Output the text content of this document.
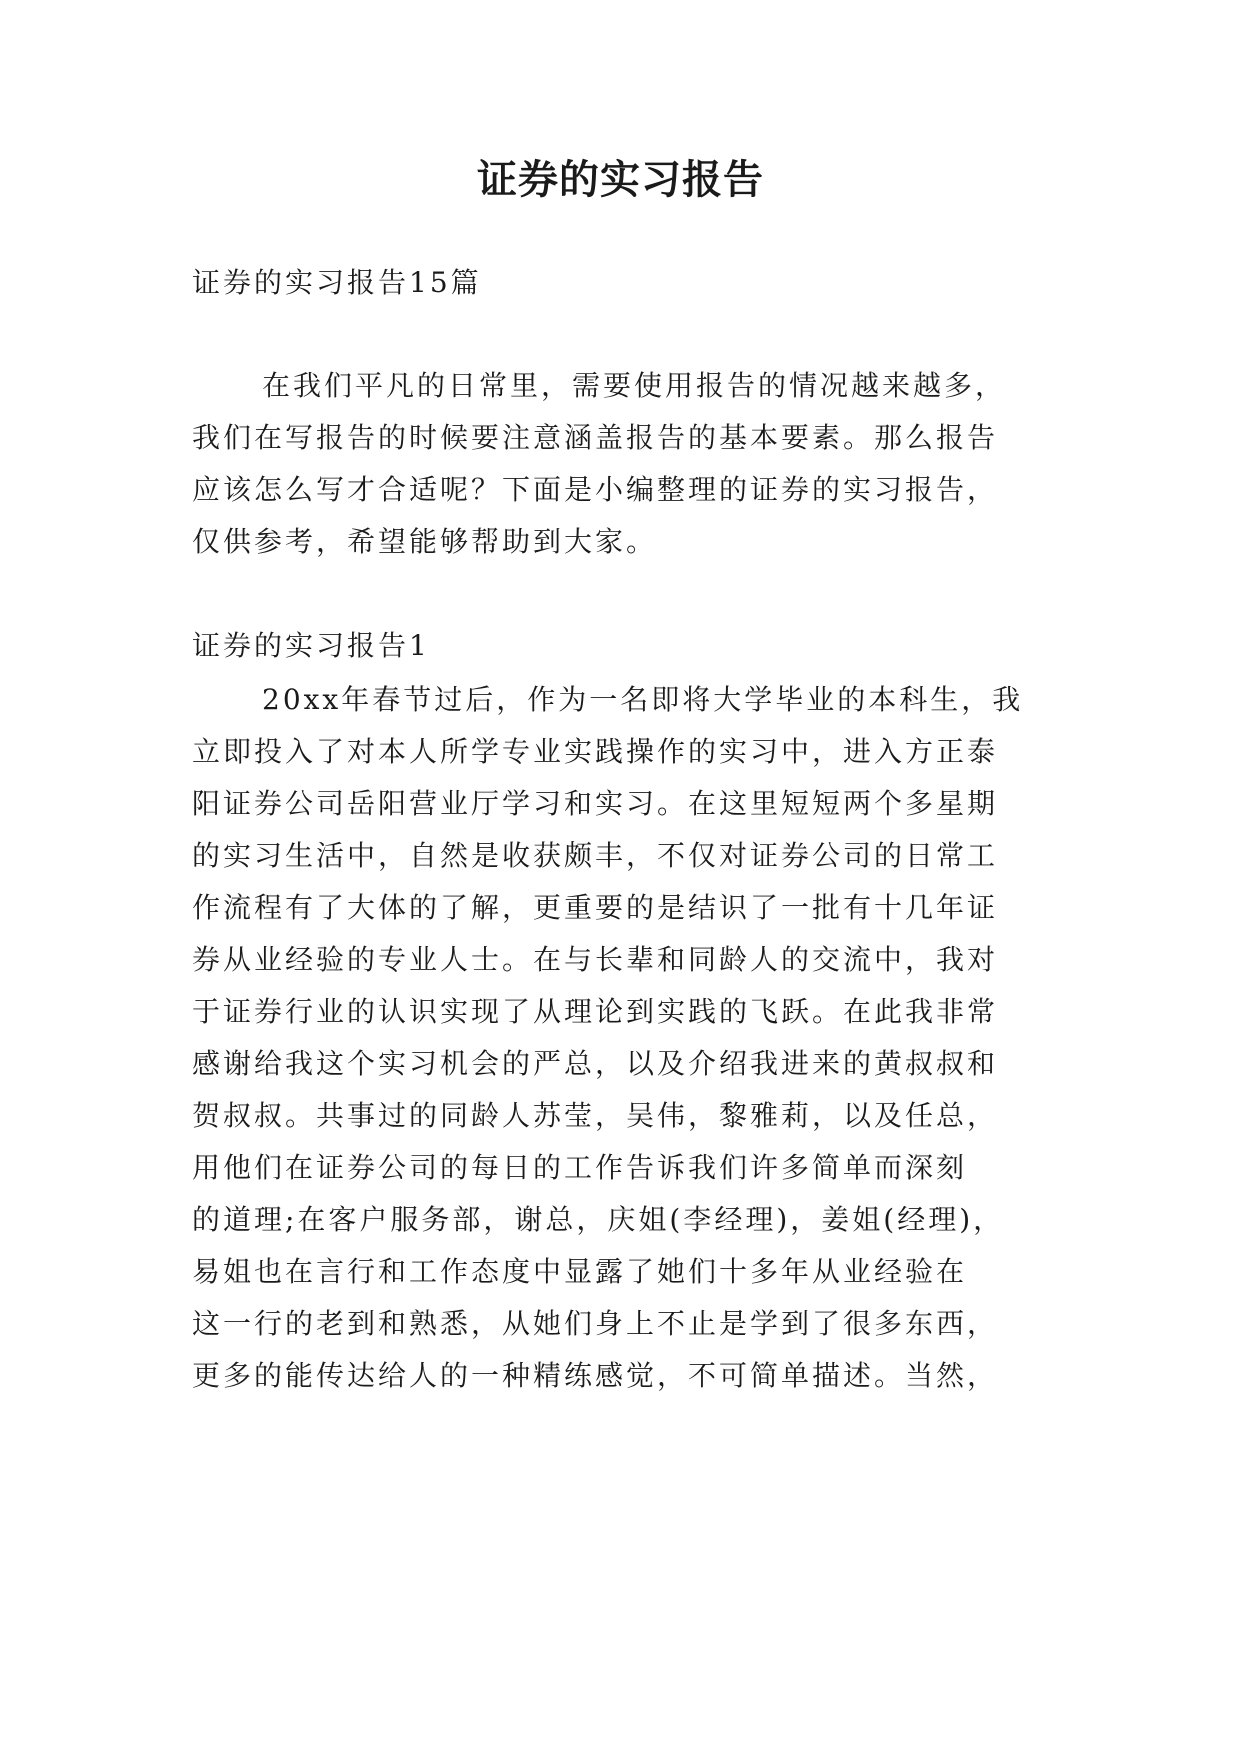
证券的实习报告
证券的实习报告15篇
在我们平凡的日常里，需要使用报告的情况越来越多，
我们在写报告的时候要注意涵盖报告的基本要素。那么报告
应该怎么写才合适呢？下面是小编整理的证券的实习报告，
仅供参考，希望能够帮助到大家。
证券的实习报告1
20xx年春节过后，作为一名即将大学毕业的本科生，我
立即投入了对本人所学专业实践操作的实习中，进入方正泰
阳证券公司岳阳营业厅学习和实习。在这里短短两个多星期
的实习生活中，自然是收获颇丰，不仅对证券公司的日常工
作流程有了大体的了解，更重要的是结识了一批有十几年证
券从业经验的专业人士。在与长辈和同龄人的交流中，我对
于证券行业的认识实现了从理论到实践的飞跃。在此我非常
感谢给我这个实习机会的严总，以及介绍我进来的黄叔叔和
贺叔叔。共事过的同龄人苏莹，吴伟，黎雅莉，以及任总，
用他们在证券公司的每日的工作告诉我们许多简单而深刻
的道理;在客户服务部，谢总，庆姐(李经理)，姜姐(经理)，
易姐也在言行和工作态度中显露了她们十多年从业经验在
这一行的老到和熟悉，从她们身上不止是学到了很多东西，
更多的能传达给人的一种精练感觉，不可简单描述。当然，
